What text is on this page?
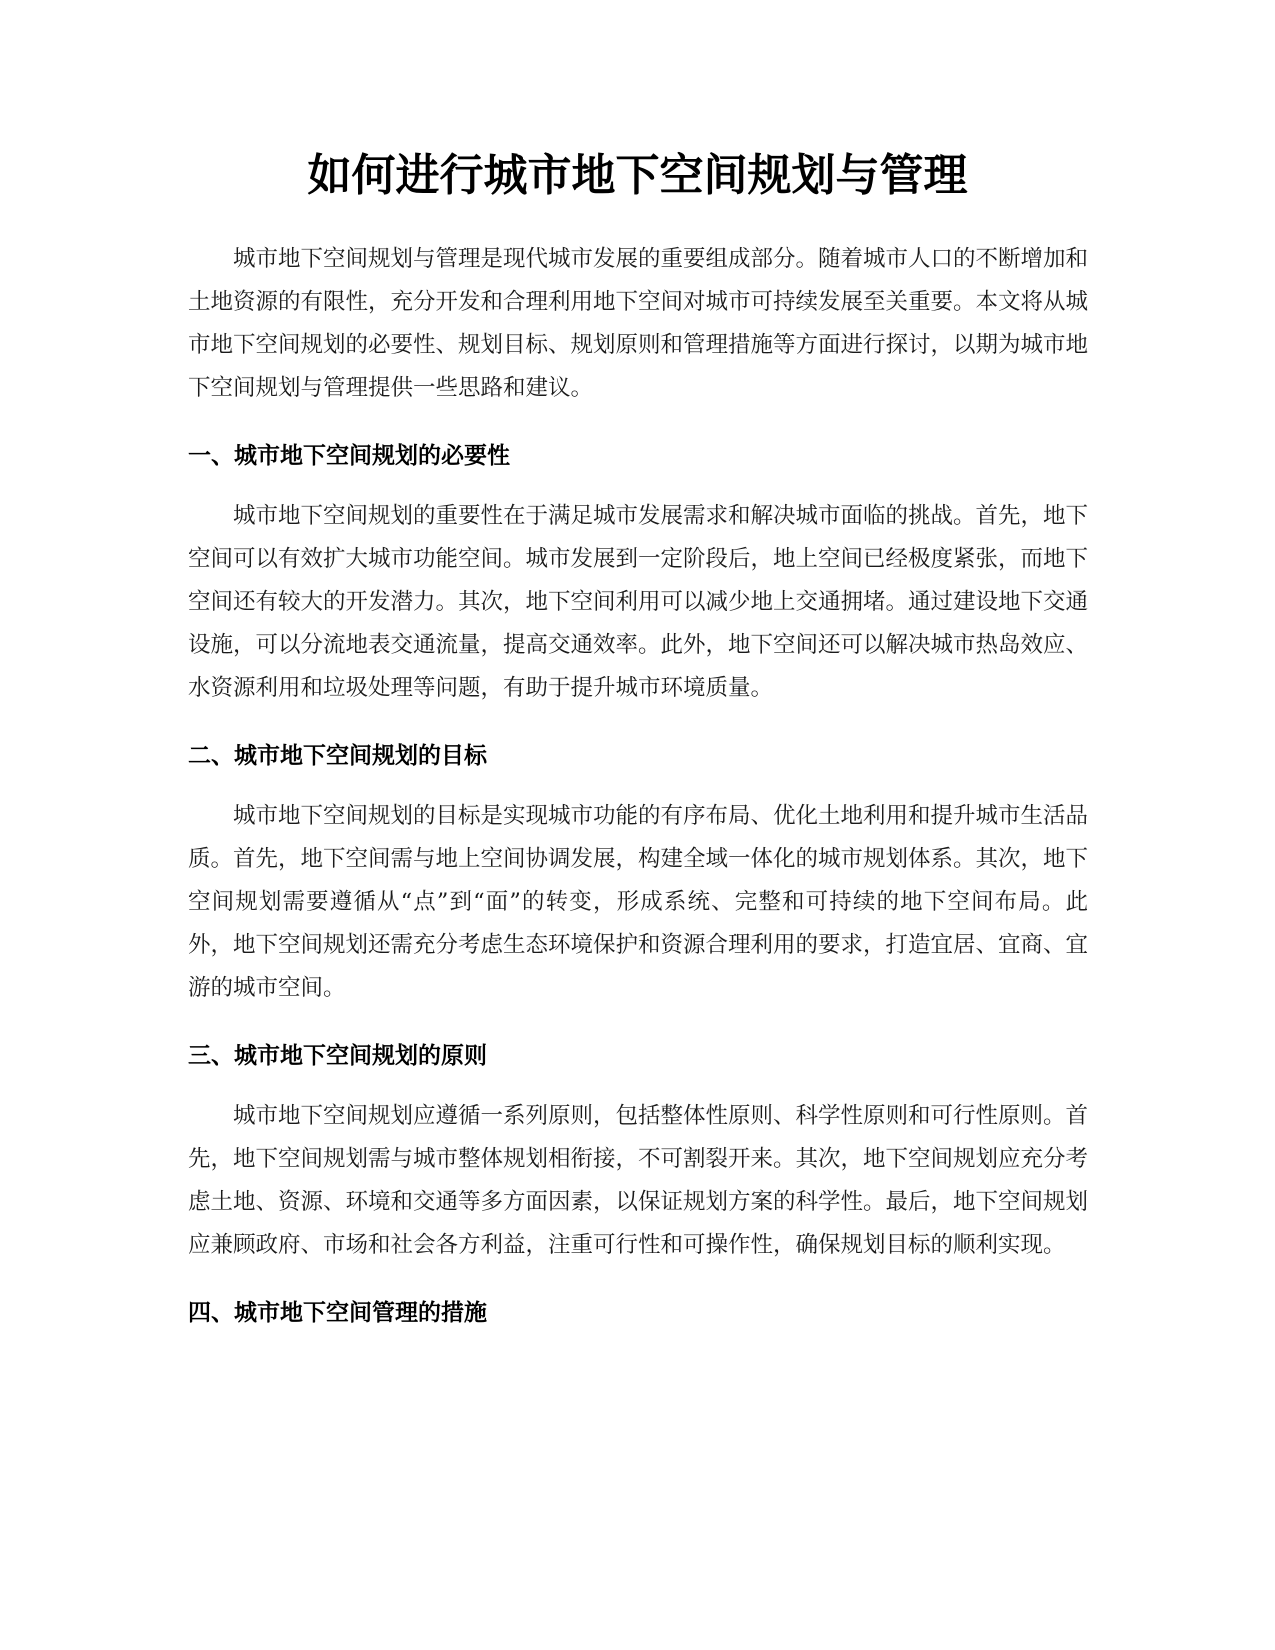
如何进行城市地下空间规划与管理

城市地下空间规划与管理是现代城市发展的重要组成部分。随着城市人口的不断增加和土地资源的有限性，充分开发和合理利用地下空间对城市可持续发展至关重要。本文将从城市地下空间规划的必要性、规划目标、规划原则和管理措施等方面进行探讨，以期为城市地下空间规划与管理提供一些思路和建议。

一、城市地下空间规划的必要性

城市地下空间规划的重要性在于满足城市发展需求和解决城市面临的挑战。首先，地下空间可以有效扩大城市功能空间。城市发展到一定阶段后，地上空间已经极度紧张，而地下空间还有较大的开发潜力。其次，地下空间利用可以减少地上交通拥堵。通过建设地下交通设施，可以分流地表交通流量，提高交通效率。此外，地下空间还可以解决城市热岛效应、水资源利用和垃圾处理等问题，有助于提升城市环境质量。

二、城市地下空间规划的目标

城市地下空间规划的目标是实现城市功能的有序布局、优化土地利用和提升城市生活品质。首先，地下空间需与地上空间协调发展，构建全域一体化的城市规划体系。其次，地下空间规划需要遵循从“点”到“面”的转变，形成系统、完整和可持续的地下空间布局。此外，地下空间规划还需充分考虑生态环境保护和资源合理利用的要求，打造宜居、宜商、宜游的城市空间。

三、城市地下空间规划的原则

城市地下空间规划应遵循一系列原则，包括整体性原则、科学性原则和可行性原则。首先，地下空间规划需与城市整体规划相衔接，不可割裂开来。其次，地下空间规划应充分考虑土地、资源、环境和交通等多方面因素，以保证规划方案的科学性。最后，地下空间规划应兼顾政府、市场和社会各方利益，注重可行性和可操作性，确保规划目标的顺利实现。

四、城市地下空间管理的措施
